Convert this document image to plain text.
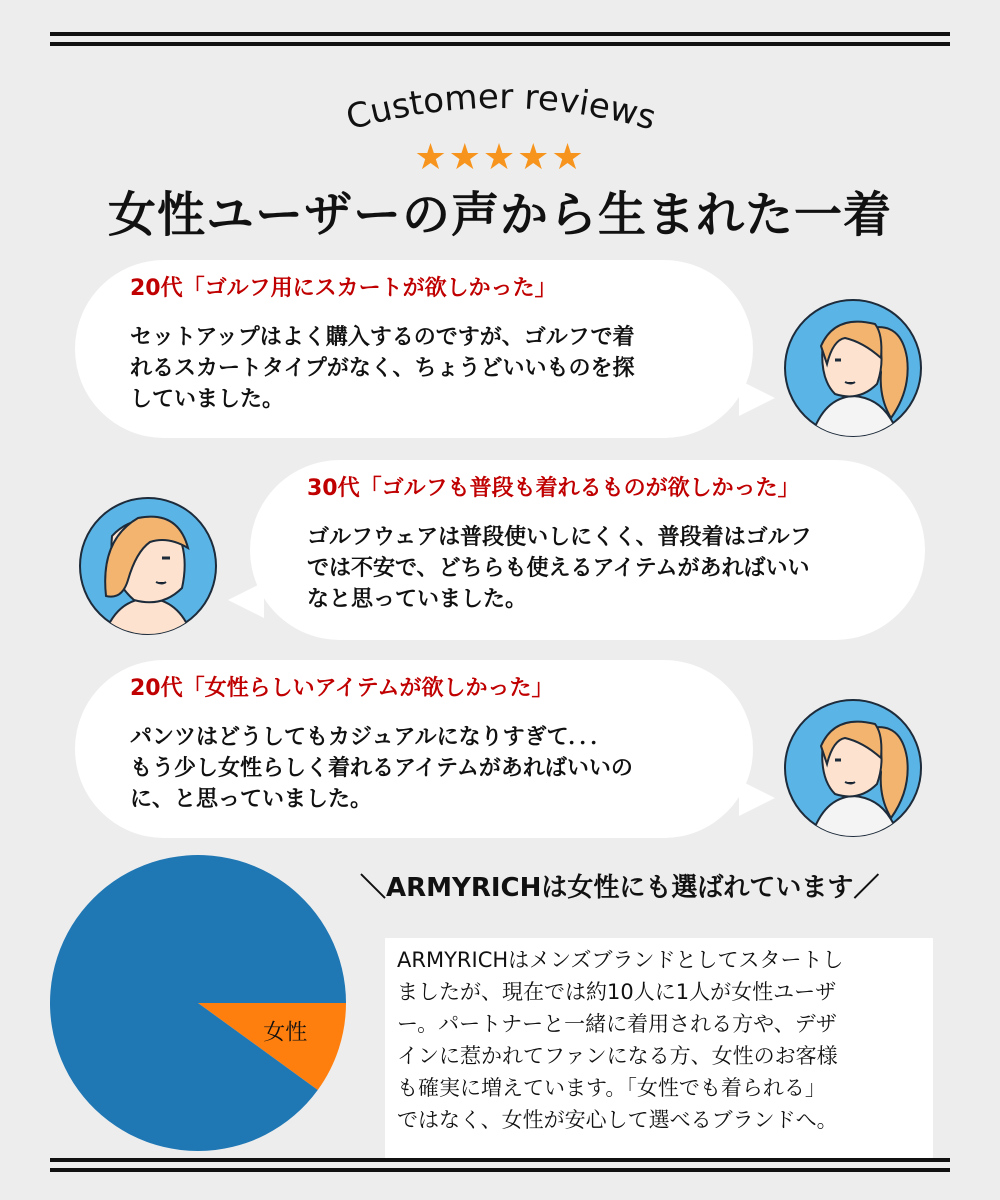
Customer reviews
★★★★★
女性ユーザーの声から生まれた一着
20代「ゴルフ用にスカートが欲しかった」
セットアップはよく購入するのですが、ゴルフで着
れるスカートタイプがなく、ちょうどいいものを探
していました。
30代「ゴルフも普段も着れるものが欲しかった」
ゴルフウェアは普段使いしにくく、普段着はゴルフ
では不安で、どちらも使えるアイテムがあればいい
なと思っていました。
20代「女性らしいアイテムが欲しかった」
パンツはどうしてもカジュアルになりすぎて．．．
もう少し女性らしく着れるアイテムがあればいいの
に、と思っていました。
女性
＼ARMYRICHは女性にも選ばれています／
ARMYRICHはメンズブランドとしてスタートし
ましたが、現在では約10人に1人が女性ユーザ
ー。パートナーと一緒に着用される方や、デザ
インに惹かれてファンになる方、女性のお客様
も確実に増えています。「女性でも着られる」
ではなく、女性が安心して選べるブランドへ。
